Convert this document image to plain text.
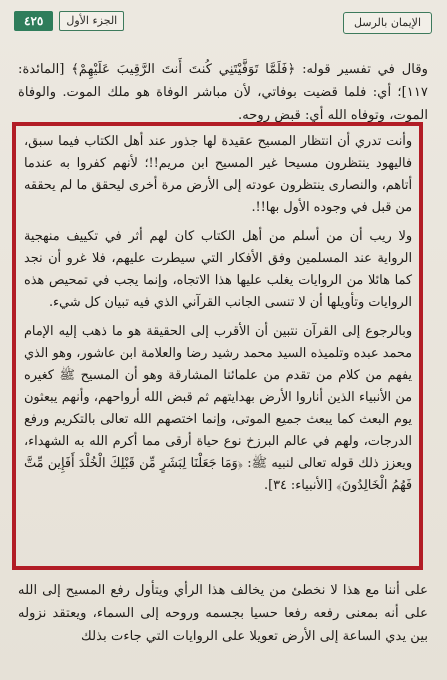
٤٢٥	الجزء الأول	الإيمان بالرسل
وقال في تفسير قوله: ﴿فَلَمَّا تَوَفَّيْتَنِي كُنتَ أَنتَ الرَّقِيبَ عَلَيْهِمْ﴾ [المائدة: ١١٧]؛ أي: فلما قضيت بوفاتي، لأن مباشر الوفاة هو ملك الموت. والوفاة الموت، وتوفاه الله أي: قبض روحه.

وأنت تدري أن انتظار المسيح عقيدة لها جذور عند أهل الكتاب فيما سبق، فاليهود ينتظرون مسيحا غير المسيح ابن مريم!!؛ لأنهم كفروا به عندما أتاهم، والنصارى ينتظرون عودته إلى الأرض مرة أخرى ليحقق ما لم يحققه من قبل في وجوده الأول بها!!.

ولا ريب أن من أسلم من أهل الكتاب كان لهم أثر في تكييف منهجية الرواية عند المسلمين وفق الأفكار التي سيطرت عليهم، فلا غرو أن نجد كما هائلا من الروايات يغلب عليها هذا الاتجاه، وإنما يجب في تمحيص هذه الروايات وتأويلها أن لا تنسى الجانب القرآني الذي فيه تبيان كل شيء.

وبالرجوع إلى القرآن نتبين أن الأقرب إلى الحقيقة هو ما ذهب إليه الإمام محمد عبده وتلميذه السيد محمد رشيد رضا والعلامة ابن عاشور، وهو الذي يفهم من كلام من تقدم من علمائنا المشارقة وهو أن المسيح ﷺ كغيره من الأنبياء الذين أناروا الأرض بهدايتهم ثم قبض الله أرواحهم، وأنهم يبعثون يوم البعث كما يبعث جميع الموتى، وإنما اختصهم الله تعالى بالتكريم ورفع الدرجات، ولهم في عالم البرزخ نوع حياة أرقى مما أكرم الله به الشهداء، ويعزز ذلك قوله تعالى لنبيه ﷺ: ﴿وَمَا جَعَلْنَا لِبَشَرٍ مِّن قَبْلِكَ الْخُلْدَ أَفَإِين مِّتَّ فَهُمُ الْخَالِدُونَ﴾ [الأنبياء: ٣٤].

على أننا مع هذا لا نخطئ من يخالف هذا الرأي ويتأول رفع المسيح إلى الله على أنه بمعنى رفعه رفعا حسيا بجسمه وروحه إلى السماء، ويعتقد نزوله بين يدي الساعة إلى الأرض تعويلا على الروايات التي جاءت بذلك
